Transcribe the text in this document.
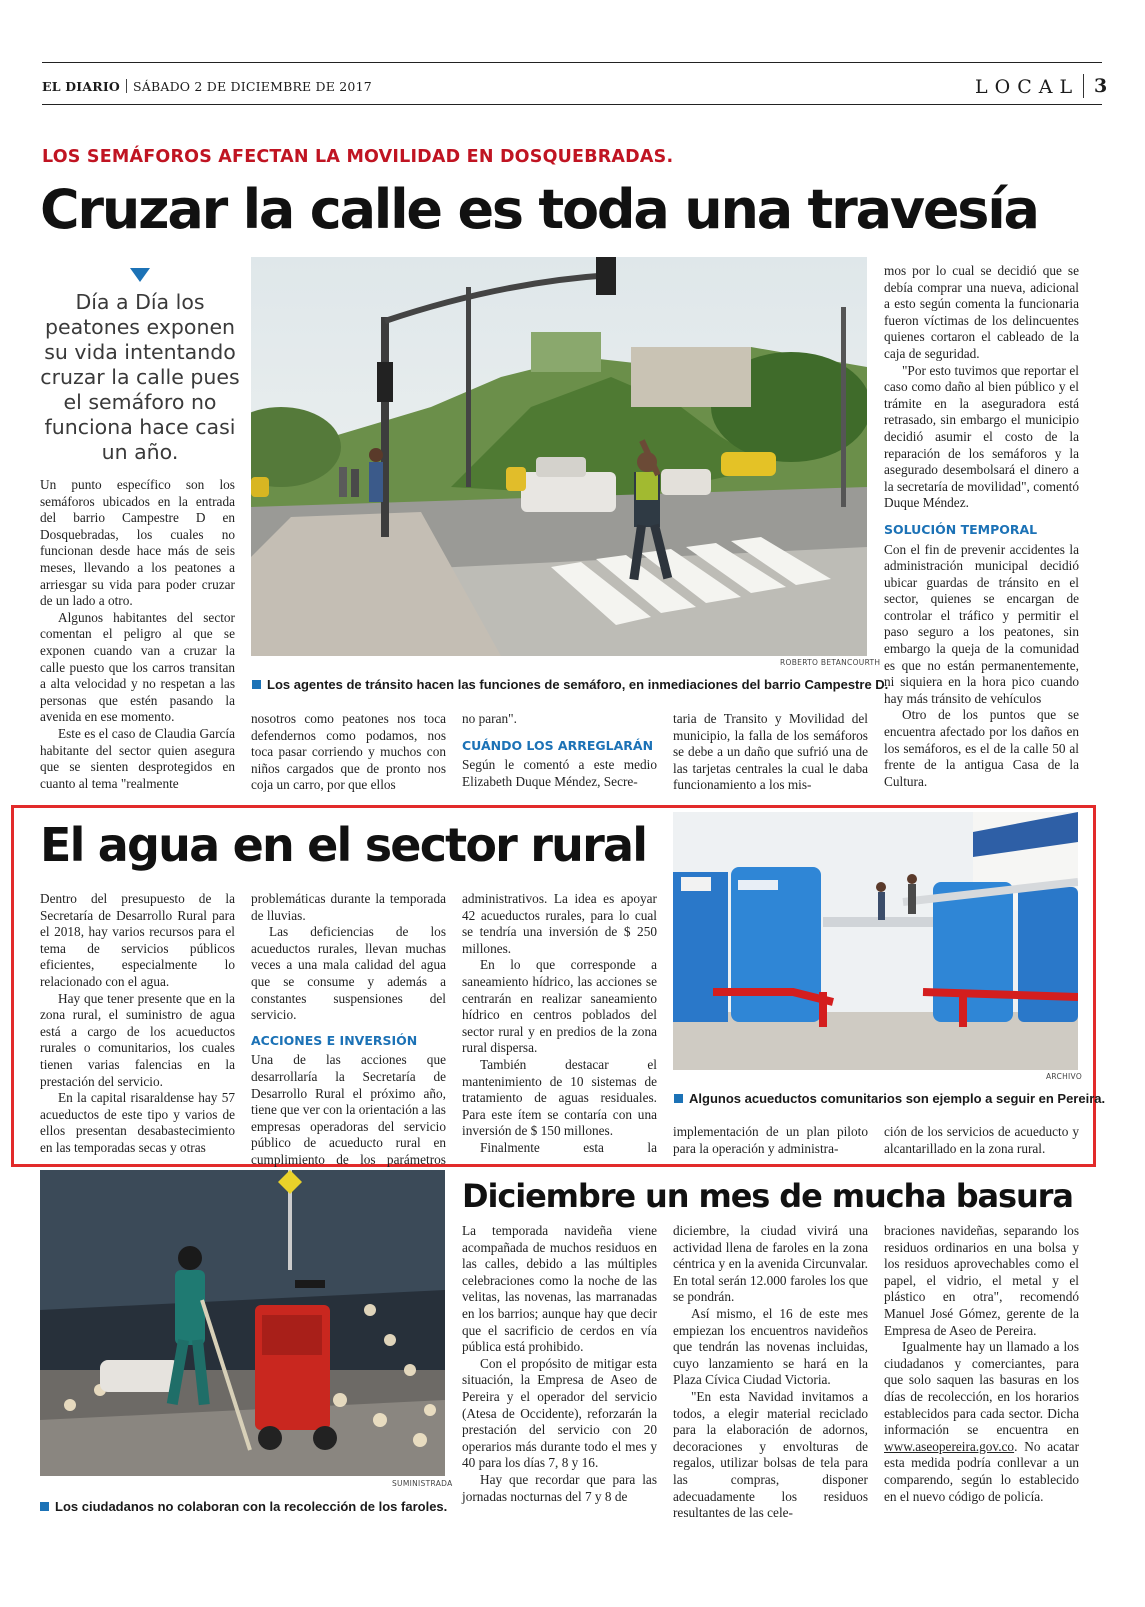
EL DIARIO SÁBADO 2 DE DICIEMBRE DE 2017	LOCAL 3
LOS SEMÁFOROS AFECTAN LA MOVILIDAD EN DOSQUEBRADAS.
Cruzar la calle es toda una travesía
Día a Día los peatones exponen su vida intentando cruzar la calle pues el semáforo no funciona hace casi un año.
ROBERTO BETANCOURTH
Los agentes de tránsito hacen las funciones de semáforo, en inmediaciones del barrio Campestre D.

Un punto específico son los semáforos ubicados en la entrada del barrio Campestre D en Dosquebradas, los cuales no funcionan desde hace más de seis meses, llevando a los peatones a arriesgar su vida para poder cruzar de un lado a otro.

Algunos habitantes del sector comentan el peligro al que se exponen cuando van a cruzar la calle puesto que los carros transitan a alta velocidad y no respetan a las personas que estén pasando la avenida en ese momento.

Este es el caso de Claudia García habitante del sector quien asegura que se sienten desprotegidos en cuanto al tema "realmente

nosotros como peatones nos toca defendernos como podamos, nos toca pasar corriendo y muchos con niños cargados que de pronto nos coja un carro, por que ellos

no paran".

CUÁNDO LOS ARREGLARÁN

Según le comentó a este medio Elizabeth Duque Méndez, Secre-

taria de Transito y Movilidad del municipio, la falla de los semáforos se debe a un daño que sufrió una de las tarjetas centrales la cual le daba funcionamiento a los mis-

mos por lo cual se decidió que se debía comprar una nueva, adicional a esto según comenta la funcionaria fueron víctimas de los delincuentes quienes cortaron el cableado de la caja de seguridad.

"Por esto tuvimos que reportar el caso como daño al bien público y el trámite en la aseguradora está retrasado, sin embargo el municipio decidió asumir el costo de la reparación de los semáforos y la asegurado desembolsará el dinero a la secretaría de movilidad", comentó Duque Méndez.

SOLUCIÓN TEMPORAL

Con el fin de prevenir accidentes la administración municipal decidió ubicar guardas de tránsito en el sector, quienes se encargan de controlar el tráfico y permitir el paso seguro a los peatones, sin embargo la queja de la comunidad es que no están permanentemente, ni siquiera en la hora pico cuando hay más tránsito de vehículos

Otro de los puntos que se encuentra afectado por los daños en los semáforos, es el de la calle 50 al frente de la antigua Casa de la Cultura.

El agua en el sector rural
ARCHIVO
Algunos acueductos comunitarios son ejemplo a seguir en Pereira.

Dentro del presupuesto de la Secretaría de Desarrollo Rural para el 2018, hay varios recursos para el tema de servicios públicos eficientes, especialmente lo relacionado con el agua.

Hay que tener presente que en la zona rural, el suministro de agua está a cargo de los acueductos rurales o comunitarios, los cuales tienen varias falencias en la prestación del servicio.

En la capital risaraldense hay 57 acueductos de este tipo y varios de ellos presentan desabastecimiento en las temporadas secas y otras

problemáticas durante la temporada de lluvias.

Las deficiencias de los acueductos rurales, llevan muchas veces a una mala calidad del agua que se consume y además a constantes suspensiones del servicio.

ACCIONES E INVERSIÓN

Una de las acciones que desarrollaría la Secretaría de Desarrollo Rural el próximo año, tiene que ver con la orientación a las empresas operadoras del servicio público de acueducto rural en cumplimiento de los parámetros

administrativos. La idea es apoyar 42 acueductos rurales, para lo cual se tendría una inversión de $ 250 millones.

En lo que corresponde a saneamiento hídrico, las acciones se centrarán en realizar saneamiento hídrico en centros poblados del sector rural y en predios de la zona rural dispersa.

También destacar el mantenimiento de 10 sistemas de tratamiento de aguas residuales. Para este ítem se contaría con una inversión de $ 150 millones.

Finalmente esta la

implementación de un plan piloto para la operación y administra-

ción de los servicios de acueducto y alcantarillado en la zona rural.

SUMINISTRADA
Los ciudadanos no colaboran con la recolección de los faroles.
Diciembre un mes de mucha basura

La temporada navideña viene acompañada de muchos residuos en las calles, debido a las múltiples celebraciones como la noche de las velitas, las novenas, las marranadas en los barrios; aunque hay que decir que el sacrificio de cerdos en vía pública está prohibido.

Con el propósito de mitigar esta situación, la Empresa de Aseo de Pereira y el operador del servicio (Atesa de Occidente), reforzarán la prestación del servicio con 20 operarios más durante todo el mes y 40 para los días 7, 8 y 16.

Hay que recordar que para las jornadas nocturnas del 7 y 8 de

diciembre, la ciudad vivirá una actividad llena de faroles en la zona céntrica y en la avenida Circunvalar. En total serán 12.000 faroles los que se pondrán.

Así mismo, el 16 de este mes empiezan los encuentros navideños que tendrán las novenas incluidas, cuyo lanzamiento se hará en la Plaza Cívica Ciudad Victoria.

"En esta Navidad invitamos a todos, a elegir material reciclado para la elaboración de adornos, decoraciones y envolturas de regalos, utilizar bolsas de tela para las compras, disponer adecuadamente los residuos resultantes de las cele-

braciones navideñas, separando los residuos ordinarios en una bolsa y los residuos aprovechables como el papel, el vidrio, el metal y el plástico en otra", recomendó Manuel José Gómez, gerente de la Empresa de Aseo de Pereira.

Igualmente hay un llamado a los ciudadanos y comerciantes, para que solo saquen las basuras en los días de recolección, en los horarios establecidos para cada sector. Dicha información se encuentra en www.aseopereira.gov.co. No acatar esta medida podría conllevar a un comparendo, según lo establecido en el nuevo código de policía.
